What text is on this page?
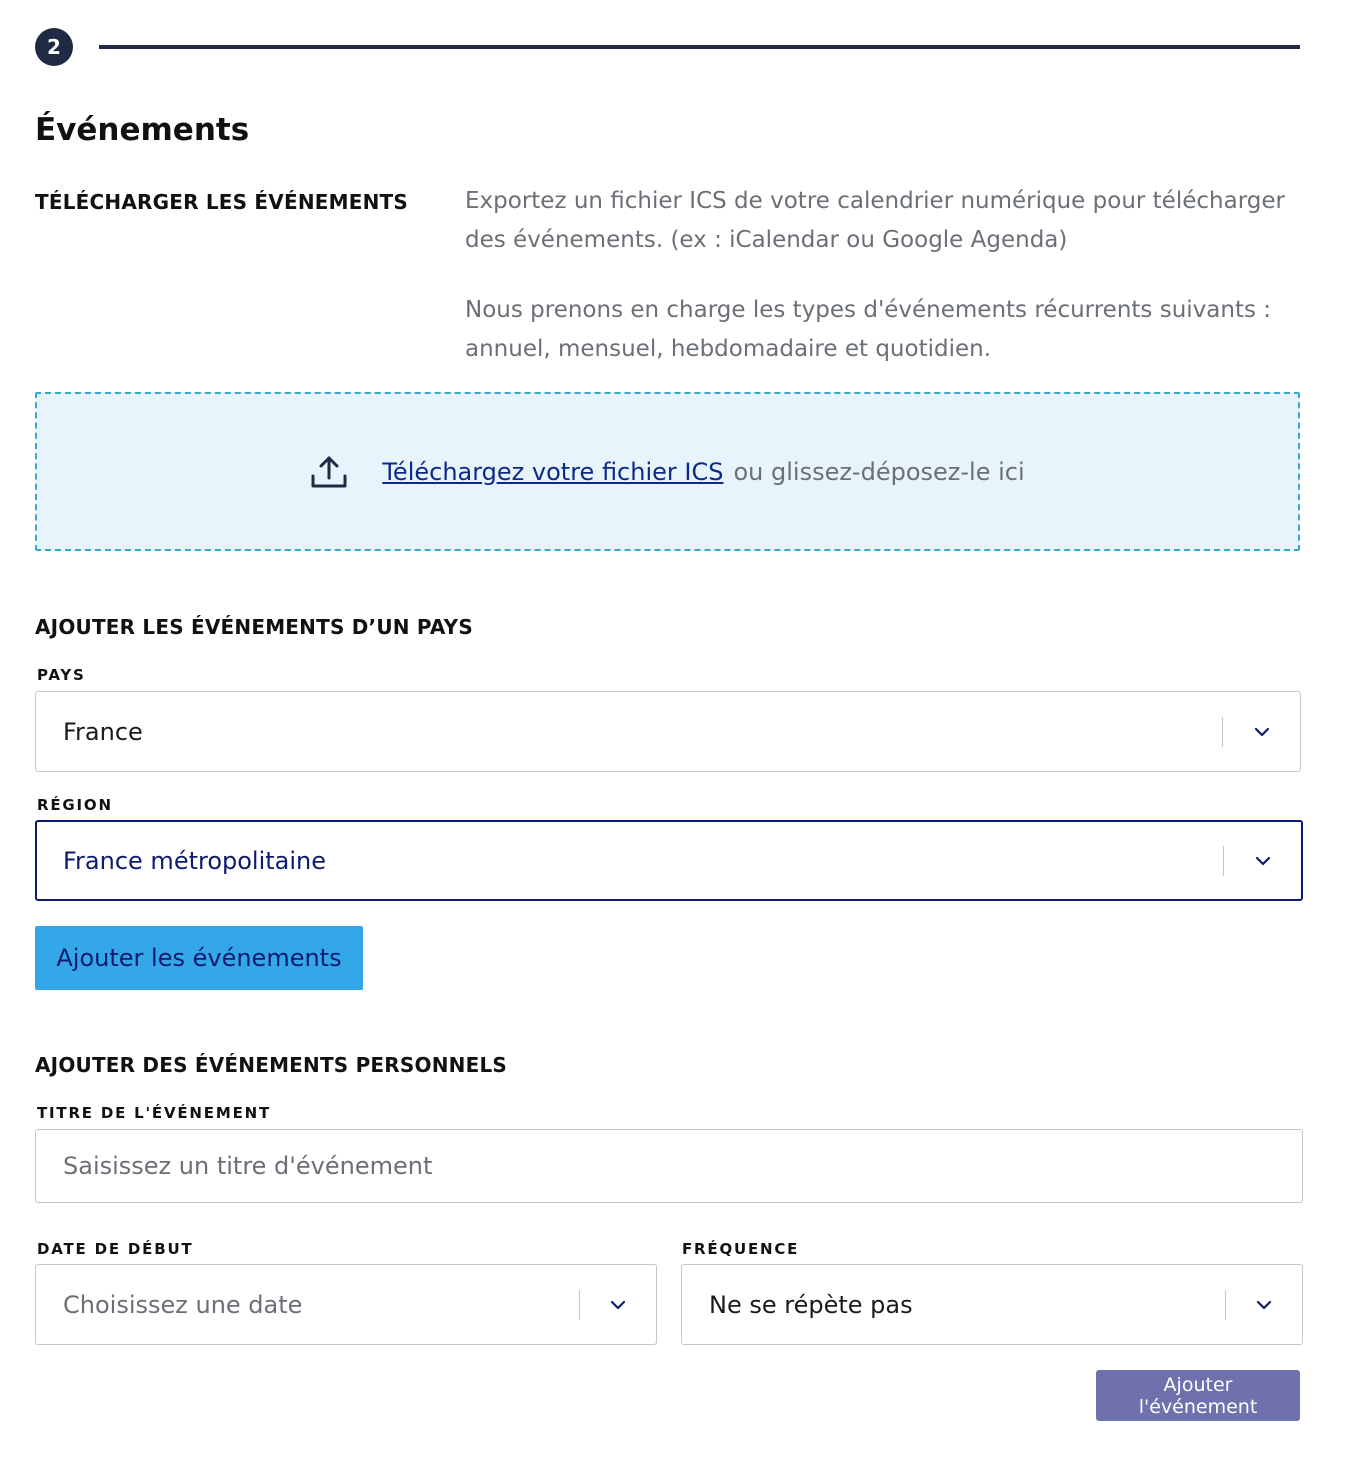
2
Événements
TÉLÉCHARGER LES ÉVÉNEMENTS Exportez un fichier ICS de votre calendrier numérique pour télécharger des événements. (ex : iCalendar ou Google Agenda)

Nous prenons en charge les types d'événements récurrents suivants : annuel, mensuel, hebdomadaire et quotidien.

Téléchargez votre fichier ICS ou glissez-déposez-le ici
AJOUTER LES ÉVÉNEMENTS D’UN PAYS
PAYS
France
RÉGION
France métropolitaine
Ajouter les événements
AJOUTER DES ÉVÉNEMENTS PERSONNELS
TITRE DE L'ÉVÉNEMENT
Saisissez un titre d'événement
DATE DE DÉBUT
Choisissez une date
FRÉQUENCE
Ne se répète pas
Ajouter l'événement
